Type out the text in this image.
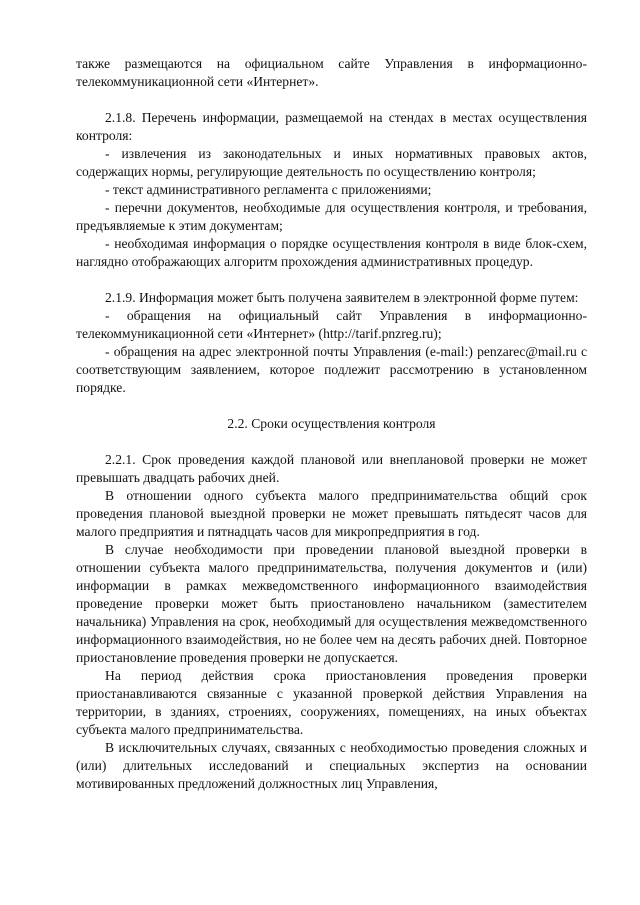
также размещаются на официальном сайте Управления в информационно-телекоммуникационной сети «Интернет».

2.1.8. Перечень информации, размещаемой на стендах в местах осуществления контроля:

- извлечения из законодательных и иных нормативных правовых актов, содержащих нормы, регулирующие деятельность по осуществлению контроля;

- текст административного регламента с приложениями;

- перечни документов, необходимые для осуществления контроля, и требования, предъявляемые к этим документам;

- необходимая информация о порядке осуществления контроля в виде блок-схем, наглядно отображающих алгоритм прохождения административных процедур.

2.1.9. Информация может быть получена заявителем в электронной форме путем:

- обращения на официальный сайт Управления в информационно-телекоммуникационной сети «Интернет» (http://tarif.pnzreg.ru);

- обращения на адрес электронной почты Управления (e-mail:) penzarec@mail.ru с соответствующим заявлением, которое подлежит рассмотрению в установленном порядке.

2.2. Сроки осуществления контроля

2.2.1. Срок проведения каждой плановой или внеплановой проверки не может превышать двадцать рабочих дней.

В отношении одного субъекта малого предпринимательства общий срок проведения плановой выездной проверки не может превышать пятьдесят часов для малого предприятия и пятнадцать часов для микропредприятия в год.

В случае необходимости при проведении плановой выездной проверки в отношении субъекта малого предпринимательства, получения документов и (или) информации в рамках межведомственного информационного взаимодействия проведение проверки может быть приостановлено начальником (заместителем начальника) Управления на срок, необходимый для осуществления межведомственного информационного взаимодействия, но не более чем на десять рабочих дней. Повторное приостановление проведения проверки не допускается.

На период действия срока приостановления проведения проверки приостанавливаются связанные с указанной проверкой действия Управления на территории, в зданиях, строениях, сооружениях, помещениях, на иных объектах субъекта малого предпринимательства.

В исключительных случаях, связанных с необходимостью проведения сложных и (или) длительных исследований и специальных экспертиз на основании мотивированных предложений должностных лиц Управления,
